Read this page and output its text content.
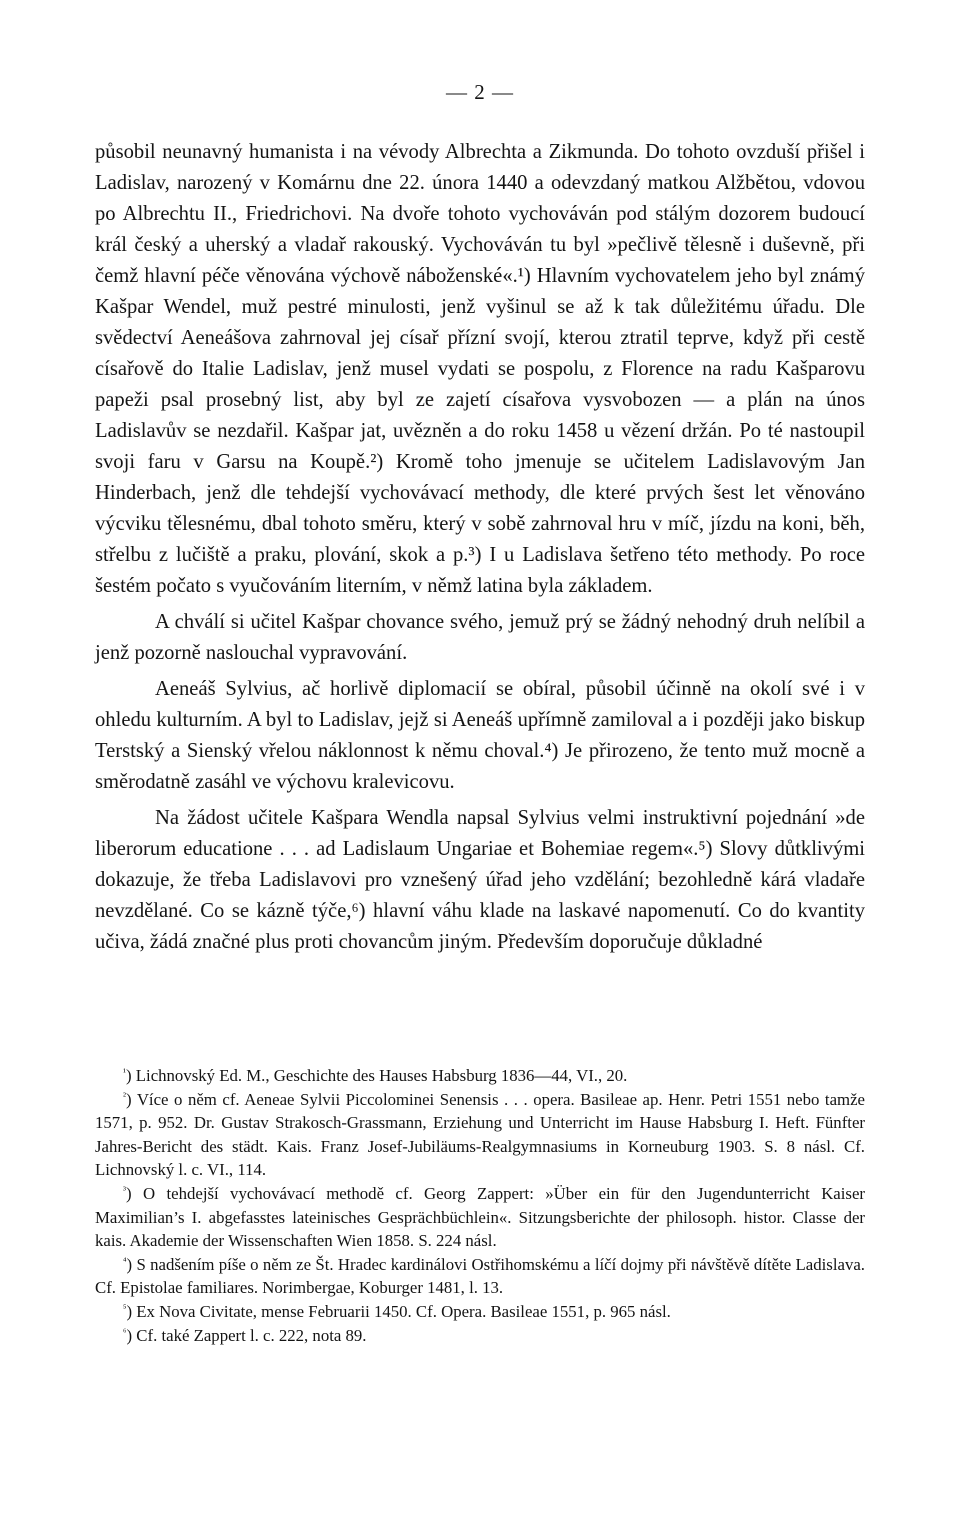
— 2 —

působil neunavný humanista i na vévody Albrechta a Zikmunda. Do tohoto ovzduší přišel i Ladislav, narozený v Komárnu dne 22. února 1440 a odevzdaný matkou Alžbětou, vdovou po Albrechtu II., Friedrichovi. Na dvoře tohoto vychováván pod stálým dozorem budoucí král český a uherský a vladař rakouský. Vychováván tu byl »pečlivě tělesně i duševně, při čemž hlavní péče věnována výchově náboženské«.¹) Hlavním vychovatelem jeho byl známý Kašpar Wendel, muž pestré minulosti, jenž vyšinul se až k tak důležitému úřadu. Dle svědectví Aeneášova zahrnoval jej císař přízní svojí, kterou ztratil teprve, když při cestě císařově do Italie Ladislav, jenž musel vydati se pospolu, z Florence na radu Kašparovu papeži psal prosebný list, aby byl ze zajetí císařova vysvobozen — a plán na únos Ladislavův se nezdařil. Kašpar jat, uvězněn a do roku 1458 u vězení držán. Po té nastoupil svoji faru v Garsu na Koupě.²) Kromě toho jmenuje se učitelem Ladislavovým Jan Hinderbach, jenž dle tehdejší vychovávací methody, dle které prvých šest let věnováno výcviku tělesnému, dbal tohoto směru, který v sobě zahrnoval hru v míč, jízdu na koni, běh, střelbu z lučiště a praku, plování, skok a p.³) I u Ladislava šetřeno této methody. Po roce šestém počato s vyučováním literním, v němž latina byla základem.

A chválí si učitel Kašpar chovance svého, jemuž prý se žádný nehodný druh nelíbil a jenž pozorně naslouchal vypravování.

Aeneáš Sylvius, ač horlivě diplomacií se obíral, působil účinně na okolí své i v ohledu kulturním. A byl to Ladislav, jejž si Aeneáš upřímně zamiloval a i později jako biskup Terstský a Sienský vřelou náklonnost k němu choval.⁴) Je přirozeno, že tento muž mocně a směrodatně zasáhl ve výchovu kralevicovu.

Na žádost učitele Kašpara Wendla napsal Sylvius velmi instruktivní pojednání »de liberorum educatione . . . ad Ladislaum Ungariae et Bohemiae regem«.⁵) Slovy důtklivými dokazuje, že třeba Ladislavovi pro vznešený úřad jeho vzdělání; bezohledně kárá vladaře nevzdělané. Co se kázně týče,⁶) hlavní váhu klade na laskavé napomenutí. Co do kvantity učiva, žádá značné plus proti chovancům jiným. Především doporučuje důkladné

$^{^1}$) Lichnovský Ed. M., Geschichte des Hauses Habsburg 1836—44, VI., 20.

$^{^2}$) Více o něm cf. Aeneae Sylvii Piccolominei Senensis . . . opera. Basileae ap. Henr. Petri 1551 nebo tamže 1571, p. 952. Dr. Gustav Strakosch-Grassmann, Erziehung und Unterricht im Hause Habsburg I. Heft. Fünfter Jahres-Bericht des städt. Kais. Franz Josef-Jubiläums-Realgymnasiums in Korneuburg 1903. S. 8 násl. Cf. Lichnovský l. c. VI., 114.

$^{^3}$) O tehdejší vychovávací methodě cf. Georg Zappert: »Über ein für den Jugendunterricht Kaiser Maximilian’s I. abgefasstes lateinisches Gesprächbüchlein«. Sitzungsberichte der philosoph. histor. Classe der kais. Akademie der Wissenschaften Wien 1858. S. 224 násl.

$^{^4}$) S nadšením píše o něm ze Št. Hradec kardinálovi Ostřihomskému a líčí dojmy při návštěvě dítěte Ladislava. Cf. Epistolae familiares. Norimbergae, Koburger 1481, l. 13.

$^{^5}$) Ex Nova Civitate, mense Februarii 1450. Cf. Opera. Basileae 1551, p. 965 násl.

$^{^6}$) Cf. také Zappert l. c. 222, nota 89.
